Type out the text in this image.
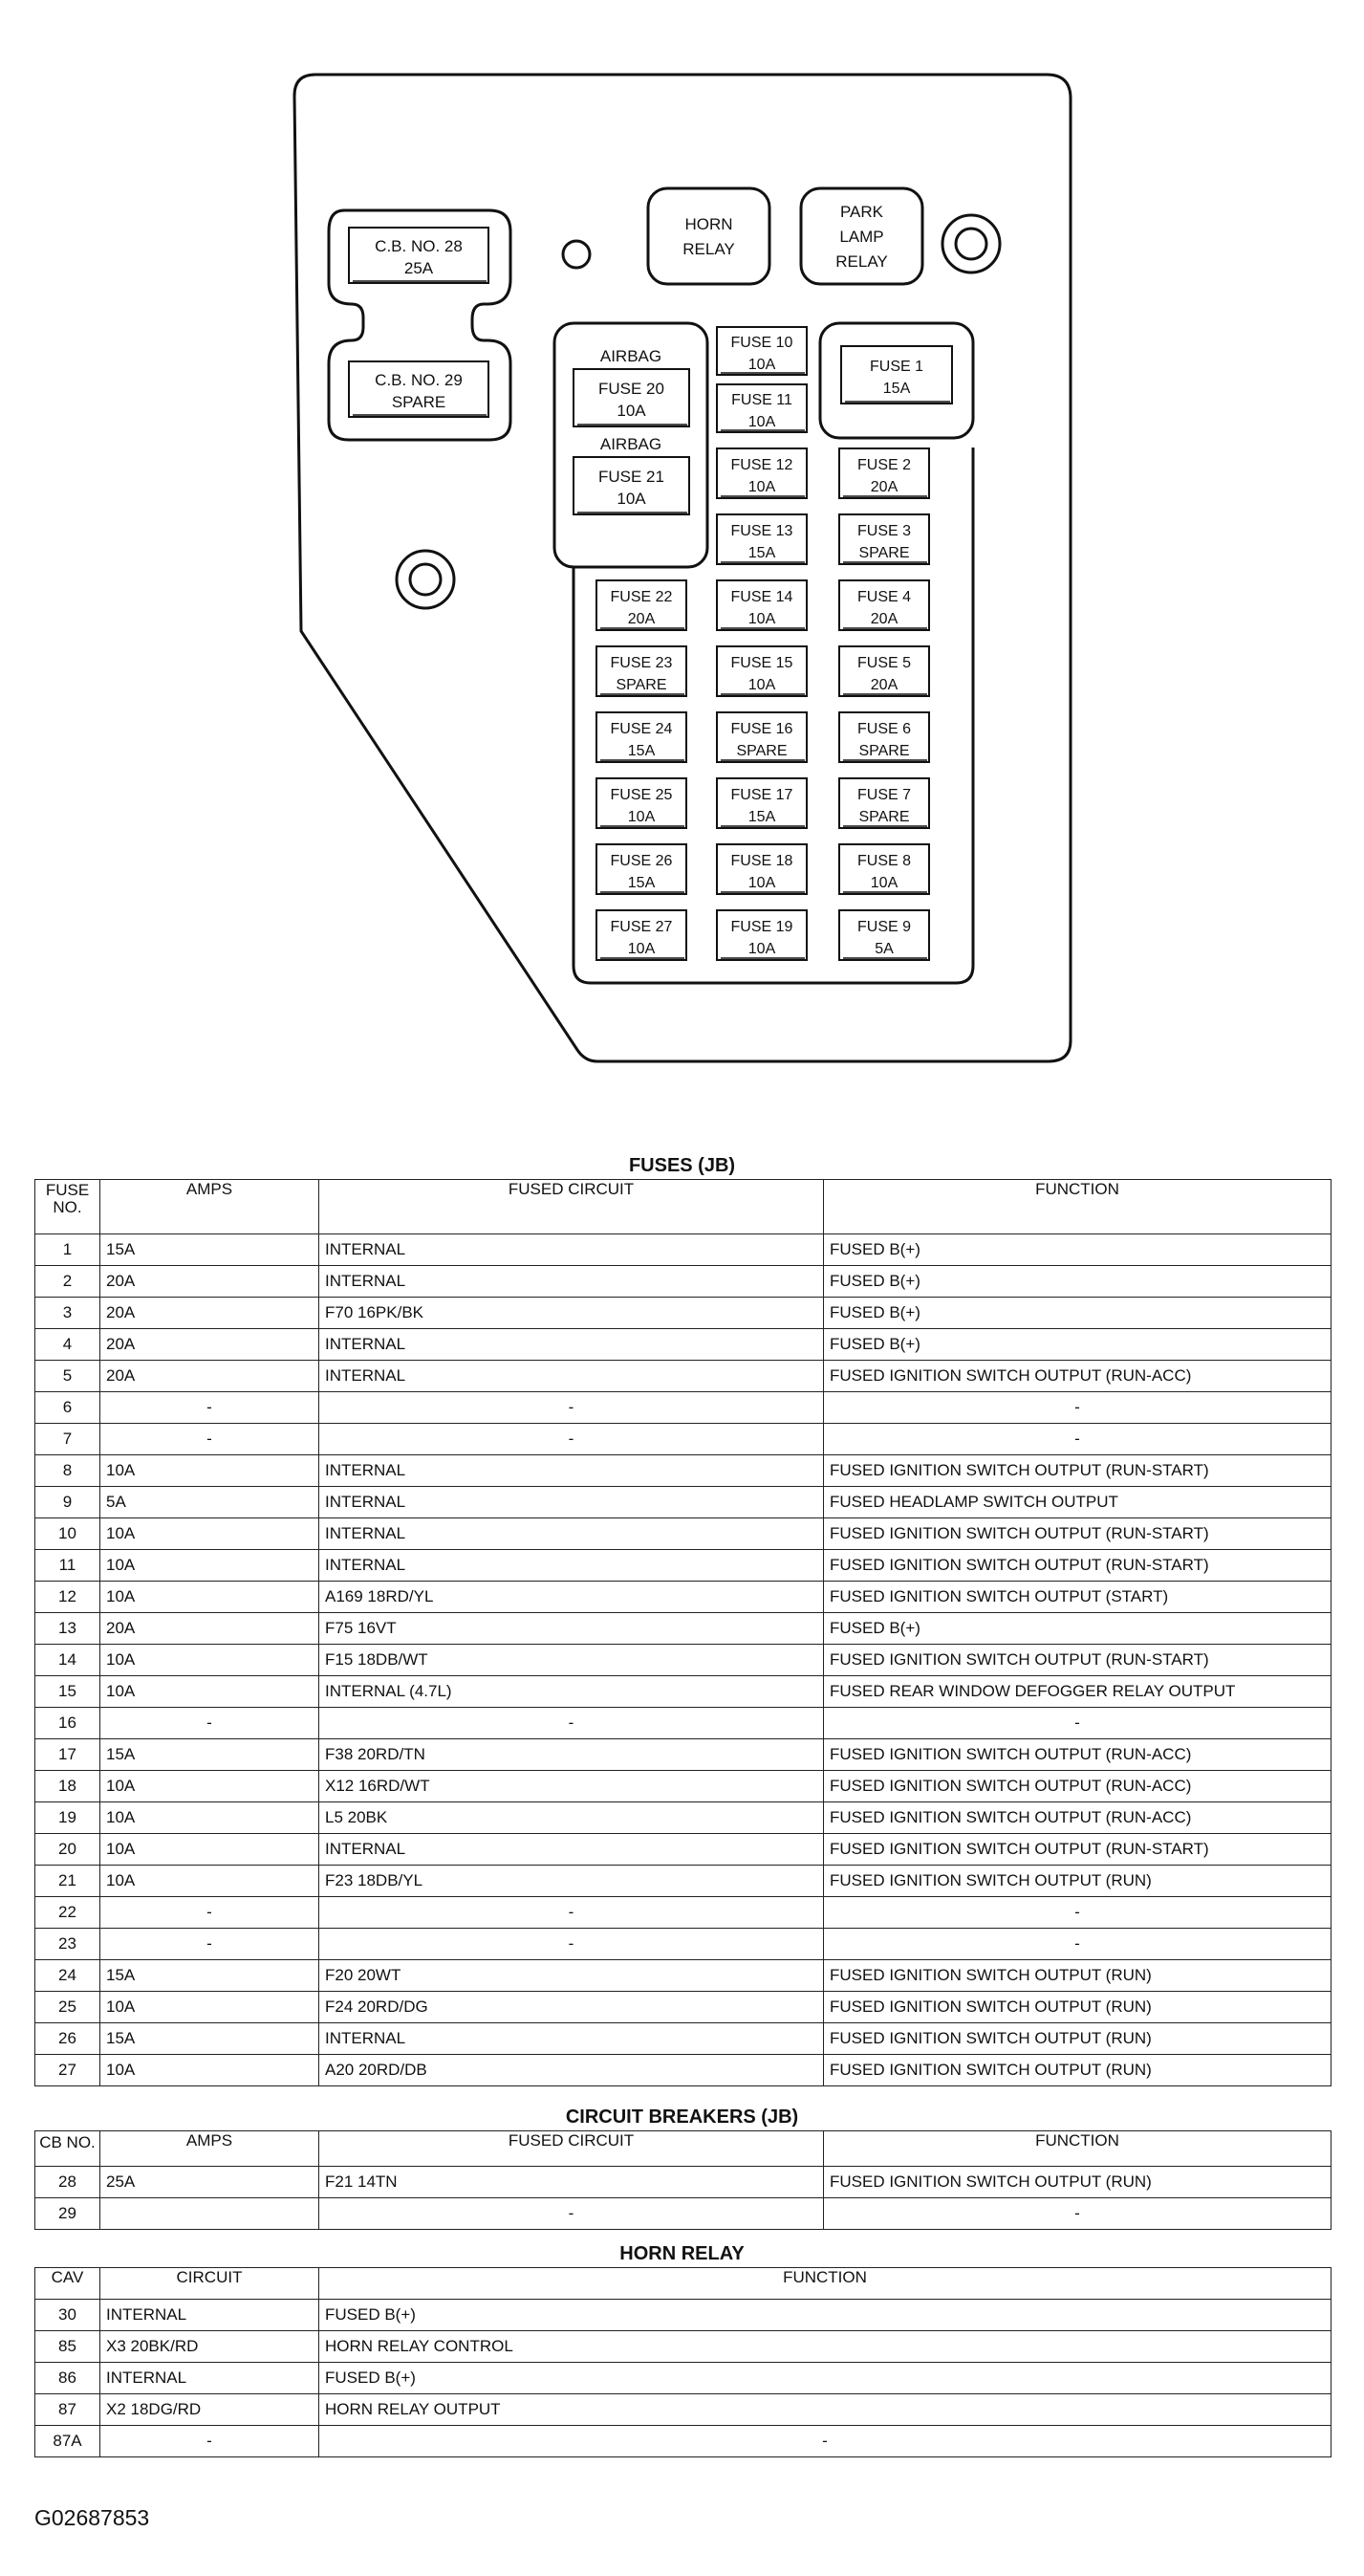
HORN
RELAY
PARK
LAMP
RELAY
C.B. NO. 28
25A
C.B. NO. 29
SPARE
AIRBAG
FUSE 20
10A
AIRBAG
FUSE 21
10A
FUSE 1
15A
FUSE 10
10A
FUSE 11
10A
FUSE 22
20A
FUSE 23
SPARE
FUSE 24
15A
FUSE 25
10A
FUSE 26
15A
FUSE 27
10A
FUSE 12
10A
FUSE 13
15A
FUSE 14
10A
FUSE 15
10A
FUSE 16
SPARE
FUSE 17
15A
FUSE 18
10A
FUSE 19
10A
FUSE 2
20A
FUSE 3
SPARE
FUSE 4
20A
FUSE 5
20A
FUSE 6
SPARE
FUSE 7
SPARE
FUSE 8
10A
FUSE 9
5A
FUSES (JB)
FUSE NO.	AMPS	FUSED CIRCUIT	FUNCTION
1	15A	INTERNAL	FUSED B(+)
2	20A	INTERNAL	FUSED B(+)
3	20A	F70 16PK/BK	FUSED B(+)
4	20A	INTERNAL	FUSED B(+)
5	20A	INTERNAL	FUSED IGNITION SWITCH OUTPUT (RUN-ACC)
6	-	-	-
7	-	-	-
8	10A	INTERNAL	FUSED IGNITION SWITCH OUTPUT (RUN-START)
9	5A	INTERNAL	FUSED HEADLAMP SWITCH OUTPUT
10	10A	INTERNAL	FUSED IGNITION SWITCH OUTPUT (RUN-START)
11	10A	INTERNAL	FUSED IGNITION SWITCH OUTPUT (RUN-START)
12	10A	A169 18RD/YL	FUSED IGNITION SWITCH OUTPUT (START)
13	20A	F75 16VT	FUSED B(+)
14	10A	F15 18DB/WT	FUSED IGNITION SWITCH OUTPUT (RUN-START)
15	10A	INTERNAL (4.7L)	FUSED REAR WINDOW DEFOGGER RELAY OUTPUT
16	-	-	-
17	15A	F38 20RD/TN	FUSED IGNITION SWITCH OUTPUT (RUN-ACC)
18	10A	X12 16RD/WT	FUSED IGNITION SWITCH OUTPUT (RUN-ACC)
19	10A	L5 20BK	FUSED IGNITION SWITCH OUTPUT (RUN-ACC)
20	10A	INTERNAL	FUSED IGNITION SWITCH OUTPUT (RUN-START)
21	10A	F23 18DB/YL	FUSED IGNITION SWITCH OUTPUT (RUN)
22	-	-	-
23	-	-	-
24	15A	F20 20WT	FUSED IGNITION SWITCH OUTPUT (RUN)
25	10A	F24 20RD/DG	FUSED IGNITION SWITCH OUTPUT (RUN)
26	15A	INTERNAL	FUSED IGNITION SWITCH OUTPUT (RUN)
27	10A	A20 20RD/DB	FUSED IGNITION SWITCH OUTPUT (RUN)
CIRCUIT BREAKERS (JB)
CB NO.	AMPS	FUSED CIRCUIT	FUNCTION
28	25A	F21 14TN	FUSED IGNITION SWITCH OUTPUT (RUN)
29		-	-
HORN RELAY
CAV	CIRCUIT	FUNCTION
30	INTERNAL	FUSED B(+)
85	X3 20BK/RD	HORN RELAY CONTROL
86	INTERNAL	FUSED B(+)
87	X2 18DG/RD	HORN RELAY OUTPUT
87A	-	-
G02687853
